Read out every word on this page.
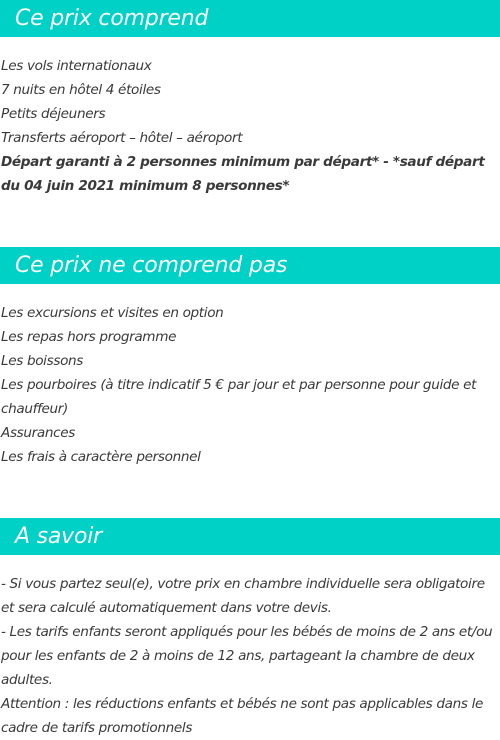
Ce prix comprend
Les vols internationaux
7 nuits en hôtel 4 étoiles
Petits déjeuners
Transferts aéroport – hôtel – aéroport
Départ garanti à 2 personnes minimum par départ* - *sauf départ du 04 juin 2021 minimum 8 personnes*
Ce prix ne comprend pas
Les excursions et visites en option
Les repas hors programme
Les boissons
Les pourboires (à titre indicatif 5 € par jour et par personne pour guide et chauffeur)
Assurances
Les frais à caractère personnel
A savoir
- Si vous partez seul(e), votre prix en chambre individuelle sera obligatoire et sera calculé automatiquement dans votre devis.
- Les tarifs enfants seront appliqués pour les bébés de moins de 2 ans et/ou pour les enfants de 2 à moins de 12 ans, partageant la chambre de deux adultes.
Attention : les réductions enfants et bébés ne sont pas applicables dans le cadre de tarifs promotionnels
